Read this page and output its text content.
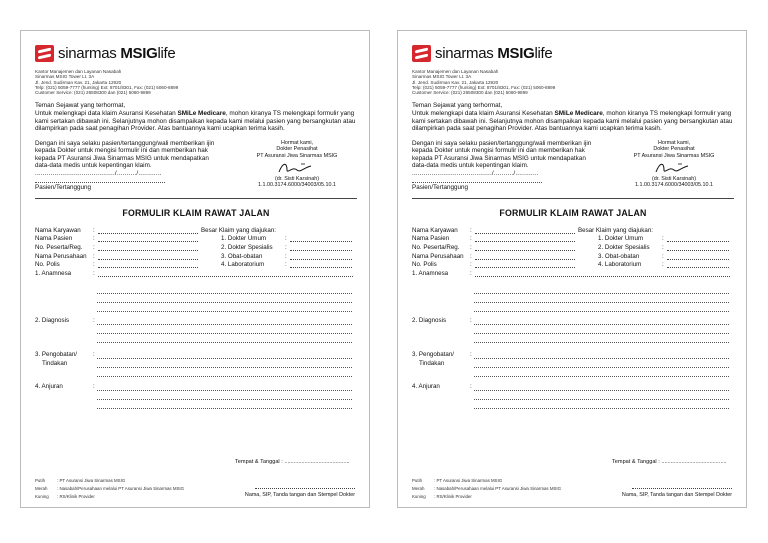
sinarmas MSIGlife
Kantor Manajemen dan Layanan Nasabah
Sinarmas MSIG Tower Lt. 3A
Jl. Jend. Sudirman Kav. 21, Jakarta 12920
Telp: (021) 5059-7777 (hunting) Ext: 8701/8301, Fax: (021) 5060-8899
Customer Service: (021) 26508300 dan (021) 5060-9899

Teman Sejawat yang terhormat,

Untuk melengkapi data klaim Asuransi Kesehatan SMiLe Medicare, mohon kiranya TS melengkapi formulir yang kami sertakan dibawah ini. Selanjutnya mohon disampaikan kepada kami melalui pasien yang bersangkutan atau dilampirkan pada saat penagihan Provider. Atas bantuannya kami ucapkan terima kasih.

Dengan ini saya selaku pasien/tertanggung/wali memberikan ijin kepada Dokter untuk mengisi formulir ini dan memberikan hak kepada PT Asuransi Jiwa Sinarmas MSIG untuk mendapatkan data-data medis untuk kepentingan klaim.
........................................./........../............
Pasien/Tertanggung
Hormat kami,
Dokter Penasihat
PT Asuransi Jiwa Sinarmas MSIG
(dr. Sisti Karsinah)
1.1.00.3174.6000/34003/05.10.1
FORMULIR KLAIM RAWAT JALAN
Nama Karyawan :	Besar Klaim yang diajukan:
Nama Pasien	:	1. Dokter Umum	:
No. Peserta/Reg. :	2. Dokter Spesialis :
Nama Perusahaan :	3. Obat-obatan	:
No. Polis	:	4. Laboratorium	:
1. Anamnesa	:
2. Diagnosis	:
3. Pengobatan/	:
Tindakan
4. Anjuran	:
Tempat & Tanggal : ..........................................
Putih	: PT Asuransi Jiwa Sinarmas MSIG
Merah : Nasabah/Perusahaan melalui PT Asuransi Jiwa Sinarmas MSIG
Kuning : RS/Klinik Provider	Nama, SIP, Tanda tangan dan Stempel Dokter
sinarmas MSIGlife
Kantor Manajemen dan Layanan Nasabah
Sinarmas MSIG Tower Lt. 3A
Jl. Jend. Sudirman Kav. 21, Jakarta 12920
Telp: (021) 5059-7777 (hunting) Ext: 8701/8301, Fax: (021) 5060-8899
Customer Service: (021) 26508300 dan (021) 5060-9899

Teman Sejawat yang terhormat,

Untuk melengkapi data klaim Asuransi Kesehatan SMiLe Medicare, mohon kiranya TS melengkapi formulir yang kami sertakan dibawah ini. Selanjutnya mohon disampaikan kepada kami melalui pasien yang bersangkutan atau dilampirkan pada saat penagihan Provider. Atas bantuannya kami ucapkan terima kasih.

Dengan ini saya selaku pasien/tertanggung/wali memberikan ijin kepada Dokter untuk mengisi formulir ini dan memberikan hak kepada PT Asuransi Jiwa Sinarmas MSIG untuk mendapatkan data-data medis untuk kepentingan klaim.
........................................./........../............
Pasien/Tertanggung
Hormat kami,
Dokter Penasihat
PT Asuransi Jiwa Sinarmas MSIG
(dr. Sisti Karsinah)
1.1.00.3174.6000/34003/05.10.1
FORMULIR KLAIM RAWAT JALAN
Nama Karyawan :	Besar Klaim yang diajukan:
Nama Pasien	:	1. Dokter Umum	:
No. Peserta/Reg. :	2. Dokter Spesialis :
Nama Perusahaan :	3. Obat-obatan	:
No. Polis	:	4. Laboratorium	:
1. Anamnesa	:
2. Diagnosis	:
3. Pengobatan/	:
Tindakan
4. Anjuran	:
Tempat & Tanggal : ..........................................
Putih	: PT Asuransi Jiwa Sinarmas MSIG
Merah : Nasabah/Perusahaan melalui PT Asuransi Jiwa Sinarmas MSIG
Kuning : RS/Klinik Provider	Nama, SIP, Tanda tangan dan Stempel Dokter
